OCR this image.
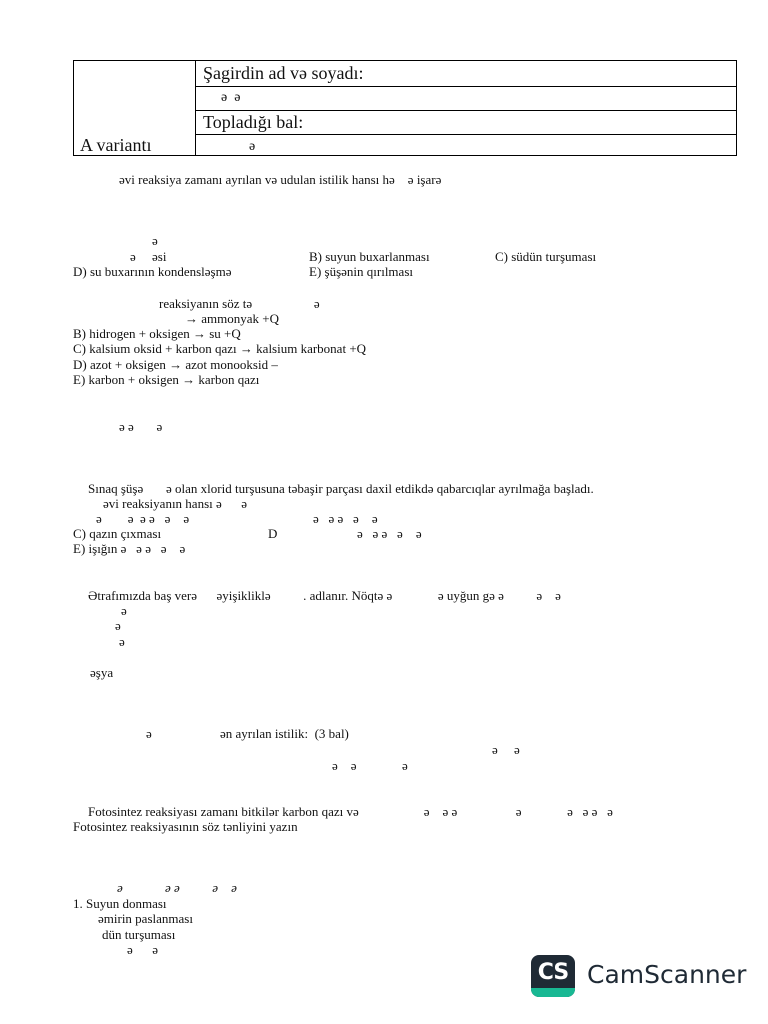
A variantı
Şagirdin ad və soyadı:
ə  ə
Topladığı bal:
ə
əvi reaksiya zamanı ayrılan və udulan istilik hansı hə    ə işarə
ə
ə     əsi	B) suyun buxarlanması	C) südün turşuması
D) su buxarının kondensləşmə	E) şüşənin qırılması
reaksiyanın söz tə                   ə
→ ammonyak +Q
B) hidrogen + oksigen → su +Q
C) kalsium oksid + karbon qazı → kalsium karbonat +Q
D) azot + oksigen → azot monooksid –
E) karbon + oksigen → karbon qazı
ə ə       ə
Sınaq şüşə       ə olan xlorid turşusuna təbaşir parçası daxil etdikdə qabarcıqlar ayrılmağa başladı.
əvi reaksiyanın hansı ə      ə
ə        ə  ə ə   ə    ə	ə   ə ə   ə    ə
C) qazın çıxması	D	ə   ə ə   ə    ə
E) işığın ə   ə ə   ə    ə
Ətrafımızda baş verə      əyişikliklə          . adlanır. Nöqtə ə              ə uyğun gə ə          ə    ə
ə
ə
ə
əşya
ə	ən ayrılan istilik:  (3 bal)
ə     ə
ə    ə              ə
Fotosintez reaksiyası zamanı bitkilər karbon qazı və                    ə    ə ə                  ə              ə   ə ə   ə
Fotosintez reaksiyasının söz tənliyini yazın
ə             ə ə          ə    ə
1. Suyun donması
əmirin paslanması
dün turşuması
ə      ə
CS CamScanner
